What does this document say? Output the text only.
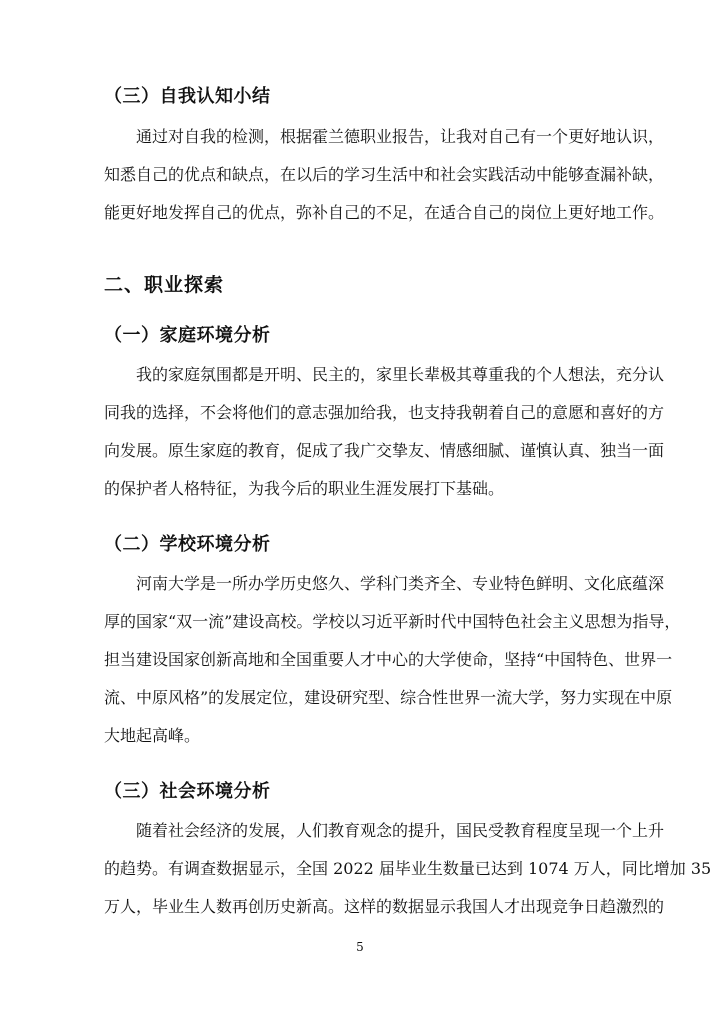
（三）自我认知小结
通过对自我的检测，根据霍兰德职业报告，让我对自己有一个更好地认识，
知悉自己的优点和缺点，在以后的学习生活中和社会实践活动中能够查漏补缺，
能更好地发挥自己的优点，弥补自己的不足，在适合自己的岗位上更好地工作。
二、职业探索
（一）家庭环境分析
我的家庭氛围都是开明、民主的，家里长辈极其尊重我的个人想法，充分认
同我的选择，不会将他们的意志强加给我，也支持我朝着自己的意愿和喜好的方
向发展。原生家庭的教育，促成了我广交挚友、情感细腻、谨慎认真、独当一面
的保护者人格特征，为我今后的职业生涯发展打下基础。
（二）学校环境分析
河南大学是一所办学历史悠久、学科门类齐全、专业特色鲜明、文化底蕴深
厚的国家“双一流”建设高校。学校以习近平新时代中国特色社会主义思想为指导，
担当建设国家创新高地和全国重要人才中心的大学使命，坚持“中国特色、世界一
流、中原风格”的发展定位，建设研究型、综合性世界一流大学，努力实现在中原
大地起高峰。
（三）社会环境分析
随着社会经济的发展，人们教育观念的提升，国民受教育程度呈现一个上升
的趋势。有调查数据显示，全国 2022 届毕业生数量已达到 1074 万人，同比增加 35
万人，毕业生人数再创历史新高。这样的数据显示我国人才出现竞争日趋激烈的
5
